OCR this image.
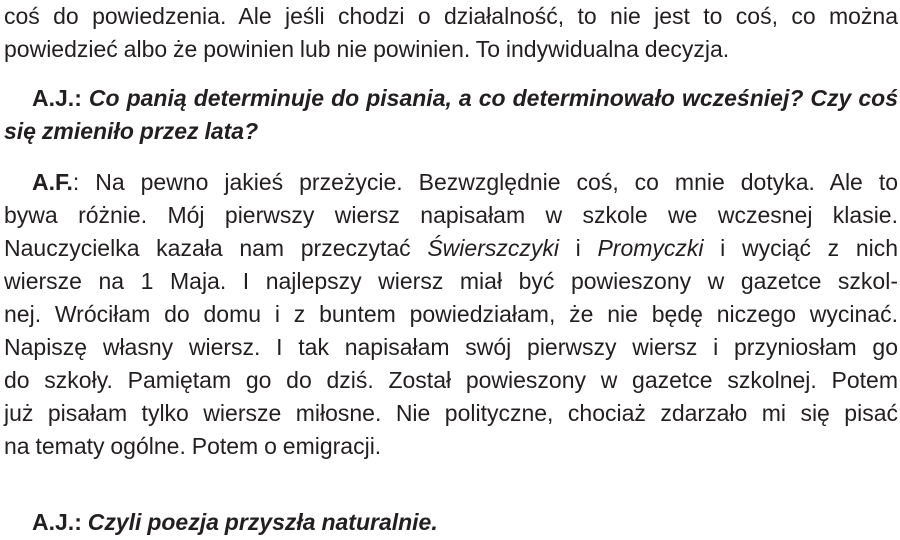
coś do powiedzenia. Ale jeśli chodzi o działalność, to nie jest to coś, co można
powiedzieć albo że powinien lub nie powinien. To indywidualna decyzja.

A.J.: Co panią determinuje do pisania, a co determinowało wcześniej? Czy coś
się zmieniło przez lata?

A.F.: Na pewno jakieś przeżycie. Bezwzględnie coś, co mnie dotyka. Ale to
bywa różnie. Mój pierwszy wiersz napisałam w szkole we wczesnej klasie.
Nauczycielka kazała nam przeczytać Świerszczyki i Promyczki i wyciąć z nich
wiersze na 1 Maja. I najlepszy wiersz miał być powieszony w gazetce szkol-
nej. Wróciłam do domu i z buntem powiedziałam, że nie będę niczego wycinać.
Napiszę własny wiersz. I tak napisałam swój pierwszy wiersz i przyniosłam go
do szkoły. Pamiętam go do dziś. Został powieszony w gazetce szkolnej. Potem
już pisałam tylko wiersze miłosne. Nie polityczne, chociaż zdarzało mi się pisać
na tematy ogólne. Potem o emigracji.

A.J.: Czyli poezja przyszła naturalnie.
